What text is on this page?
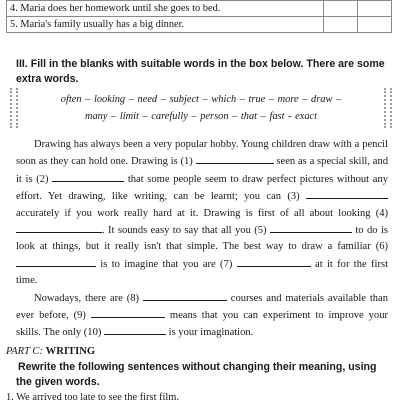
4. Maria does her homework until she goes to bed.		
5. Maria's family usually has a big dinner.		

III. Fill in the blanks with suitable words in the box below. There are some extra words.

often – looking – need – subject – which – true – more – draw –
many – limit – carefully – person – that – fast - exact

Drawing has always been a very popular hobby. Young children draw with a pencil soon as they can hold one. Drawing is (1)	seen as a special skill, and it is (2)	that some people seem to draw perfect pictures without any effort. Yet drawing, like writing, can be learnt; you can (3)  accurately if you work really hard at it. Drawing is first of all about looking (4) . It sounds easy to say that all you (5)	to do is look at things, but it really isn't that simple. The best way to draw a familiar (6)  is to imagine that you are (7)	at it for the first time.

Nowadays, there are (8)	courses and materials available than ever before, (9)	means that you can experiment to improve your skills. The only (10)	is your imagination.

PART C: WRITING

Rewrite the following sentences without changing their meaning, using the given words.

1. We arrived too late to see the first film.
